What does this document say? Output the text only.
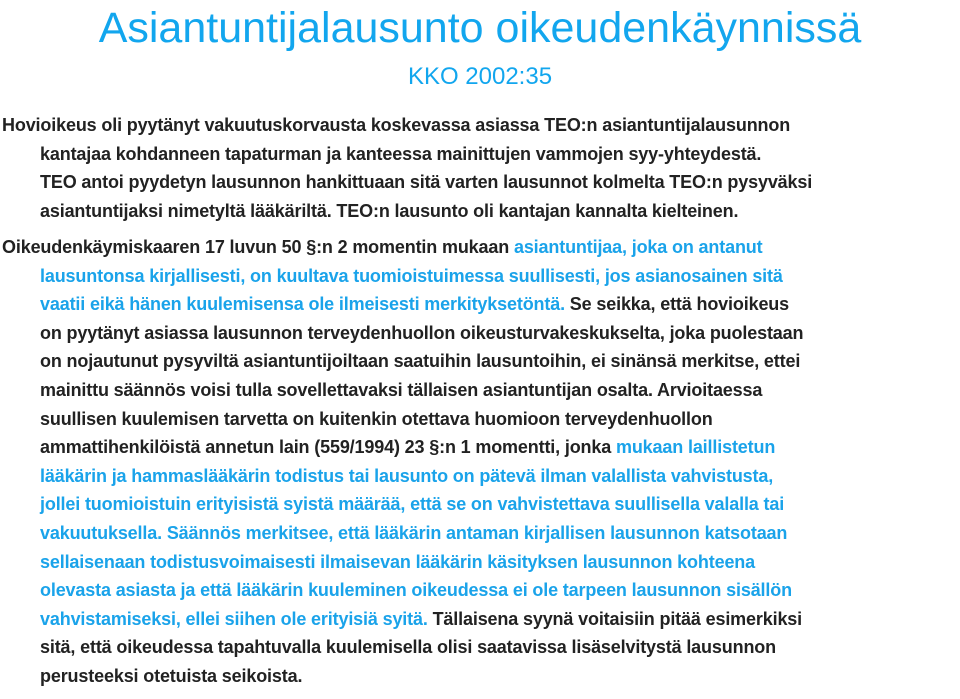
Asiantuntijalausunto oikeudenkäynnissä
KKO 2002:35
Hovioikeus oli pyytänyt vakuutuskorvausta koskevassa asiassa TEO:n asiantuntijalausunnon
kantajaa kohdanneen tapaturman ja kanteessa mainittujen vammojen syy-yhteydestä.
TEO antoi pyydetyn lausunnon hankittuaan sitä varten lausunnot kolmelta TEO:n pysyväksi
asiantuntijaksi nimetyltä lääkäriltä. TEO:n lausunto oli kantajan kannalta kielteinen.
Oikeudenkäymiskaaren 17 luvun 50 §:n 2 momentin mukaan asiantuntijaa, joka on antanut
lausuntonsa kirjallisesti, on kuultava tuomioistuimessa suullisesti, jos asianosainen sitä
vaatii eikä hänen kuulemisensa ole ilmeisesti merkityksetöntä. Se seikka, että hovioikeus
on pyytänyt asiassa lausunnon terveydenhuollon oikeusturvakeskukselta, joka puolestaan
on nojautunut pysyviltä asiantuntijoiltaan saatuihin lausuntoihin, ei sinänsä merkitse, ettei
mainittu säännös voisi tulla sovellettavaksi tällaisen asiantuntijan osalta. Arvioitaessa
suullisen kuulemisen tarvetta on kuitenkin otettava huomioon terveydenhuollon
ammattihenkilöistä annetun lain (559/1994) 23 §:n 1 momentti, jonka mukaan laillistetun
lääkärin ja hammaslääkärin todistus tai lausunto on pätevä ilman valallista vahvistusta,
jollei tuomioistuin erityisistä syistä määrää, että se on vahvistettava suullisella valalla tai
vakuutuksella. Säännös merkitsee, että lääkärin antaman kirjallisen lausunnon katsotaan
sellaisenaan todistusvoimaisesti ilmaisevan lääkärin käsityksen lausunnon kohteena
olevasta asiasta ja että lääkärin kuuleminen oikeudessa ei ole tarpeen lausunnon sisällön
vahvistamiseksi, ellei siihen ole erityisiä syitä. Tällaisena syynä voitaisiin pitää esimerkiksi
sitä, että oikeudessa tapahtuvalla kuulemisella olisi saatavissa lisäselvitystä lausunnon
perusteeksi otetuista seikoista.
